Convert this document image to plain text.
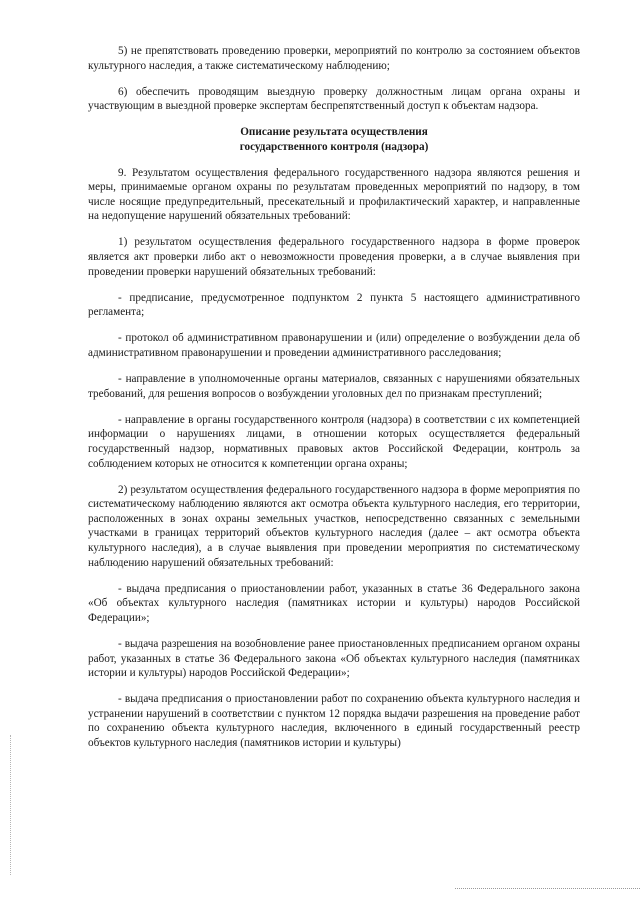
5) не препятствовать проведению проверки, мероприятий по контролю за состоянием объектов культурного наследия, а также систематическому наблюдению;

6) обеспечить проводящим выездную проверку должностным лицам органа охраны и участвующим в выездной проверке экспертам беспрепятственный доступ к объектам надзора.

Описание результата осуществления
государственного контроля (надзора)

9. Результатом осуществления федерального государственного надзора являются решения и меры, принимаемые органом охраны по результатам проведенных мероприятий по надзору, в том числе носящие предупредительный, пресекательный и профилактический характер, и направленные на недопущение нарушений обязательных требований:

1) результатом осуществления федерального государственного надзора в форме проверок является акт проверки либо акт о невозможности проведения проверки, а в случае выявления при проведении проверки нарушений обязательных требований:

- предписание, предусмотренное подпунктом 2 пункта 5 настоящего административного регламента;

- протокол об административном правонарушении и (или) определение о возбуждении дела об административном правонарушении и проведении административного расследования;

- направление в уполномоченные органы материалов, связанных с нарушениями обязательных требований, для решения вопросов о возбуждении уголовных дел по признакам преступлений;

- направление в органы государственного контроля (надзора) в соответствии с их компетенцией информации о нарушениях лицами, в отношении которых осуществляется федеральный государственный надзор, нормативных правовых актов Российской Федерации, контроль за соблюдением которых не относится к компетенции органа охраны;

2) результатом осуществления федерального государственного надзора в форме мероприятия по систематическому наблюдению являются акт осмотра объекта культурного наследия, его территории, расположенных в зонах охраны земельных участков, непосредственно связанных с земельными участками в границах территорий объектов культурного наследия (далее – акт осмотра объекта культурного наследия), а в случае выявления при проведении мероприятия по систематическому наблюдению нарушений обязательных требований:

- выдача предписания о приостановлении работ, указанных в статье 36 Федерального закона «Об объектах культурного наследия (памятниках истории и культуры) народов Российской Федерации»;

- выдача разрешения на возобновление ранее приостановленных предписанием органом охраны работ, указанных в статье 36 Федерального закона «Об объектах культурного наследия (памятниках истории и культуры) народов Российской Федерации»;

- выдача предписания о приостановлении работ по сохранению объекта культурного наследия и устранении нарушений в соответствии с пунктом 12 порядка выдачи разрешения на проведение работ по сохранению объекта культурного наследия, включенного в единый государственный реестр объектов культурного наследия (памятников истории и культуры)
